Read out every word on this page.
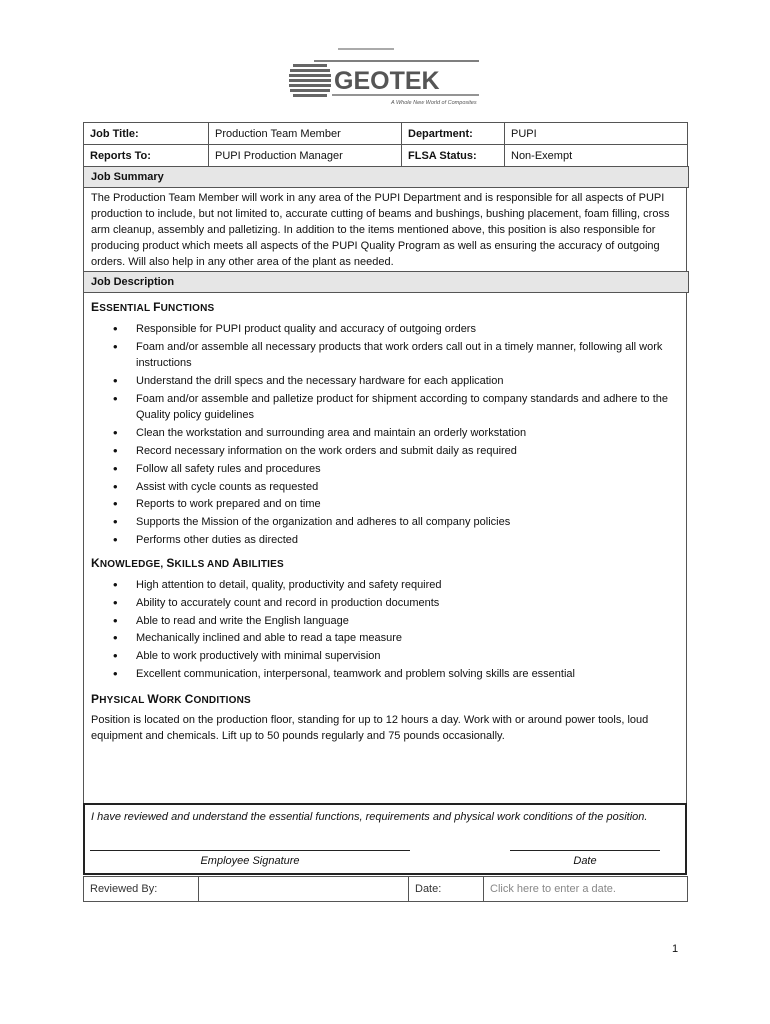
GEOTEK
A Whole New World of Composites
Job Title:	Production Team Member	Department:	PUPI
Reports To:	PUPI Production Manager	FLSA Status:	Non-Exempt
Job Summary
The Production Team Member will work in any area of the PUPI Department and is responsible for all aspects of PUPI production to include, but not limited to, accurate cutting of beams and bushings, bushing placement, foam filling, cross arm cleanup, assembly and palletizing. In addition to the items mentioned above, this position is also responsible for producing product which meets all aspects of the PUPI Quality Program as well as ensuring the accuracy of outgoing orders. Will also help in any other area of the plant as needed.
Job Description
ESSENTIAL FUNCTIONS
• Responsible for PUPI product quality and accuracy of outgoing orders
• Foam and/or assemble all necessary products that work orders call out in a timely manner, following all work instructions
• Understand the drill specs and the necessary hardware for each application
• Foam and/or assemble and palletize product for shipment according to company standards and adhere to the Quality policy guidelines
• Clean the workstation and surrounding area and maintain an orderly workstation
• Record necessary information on the work orders and submit daily as required
• Follow all safety rules and procedures
• Assist with cycle counts as requested
• Reports to work prepared and on time
• Supports the Mission of the organization and adheres to all company policies
• Performs other duties as directed
KNOWLEDGE, SKILLS AND ABILITIES
• High attention to detail, quality, productivity and safety required
• Ability to accurately count and record in production documents
• Able to read and write the English language
• Mechanically inclined and able to read a tape measure
• Able to work productively with minimal supervision
• Excellent communication, interpersonal, teamwork and problem solving skills are essential
PHYSICAL WORK CONDITIONS
Position is located on the production floor, standing for up to 12 hours a day. Work with or around power tools, loud equipment and chemicals. Lift up to 50 pounds regularly and 75 pounds occasionally.
I have reviewed and understand the essential functions, requirements and physical work conditions of the position.
Employee Signature	Date
Reviewed By:		Date:	Click here to enter a date.
1
